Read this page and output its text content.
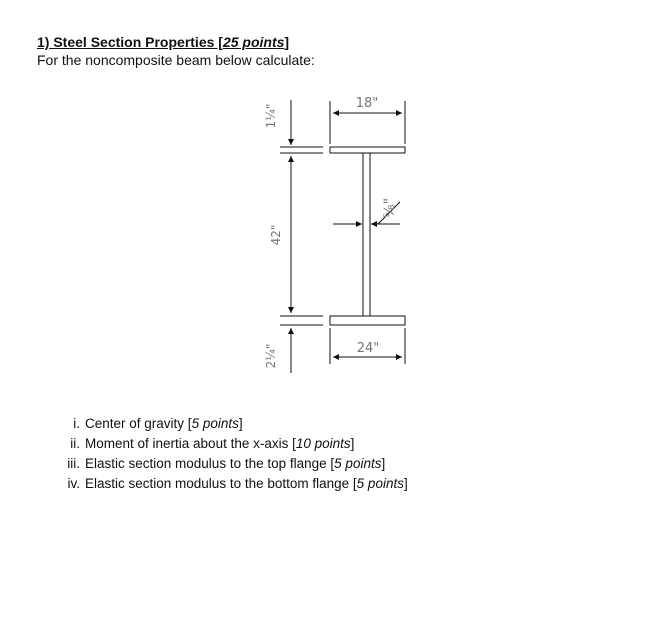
1) Steel Section Properties [25 points]
For the noncomposite beam below calculate:
18"
1¼"
42"
2¼"
⅝"
24"
i. Center of gravity [5 points]
ii. Moment of inertia about the x-axis [10 points]
iii. Elastic section modulus to the top flange [5 points]
iv. Elastic section modulus to the bottom flange [5 points]
